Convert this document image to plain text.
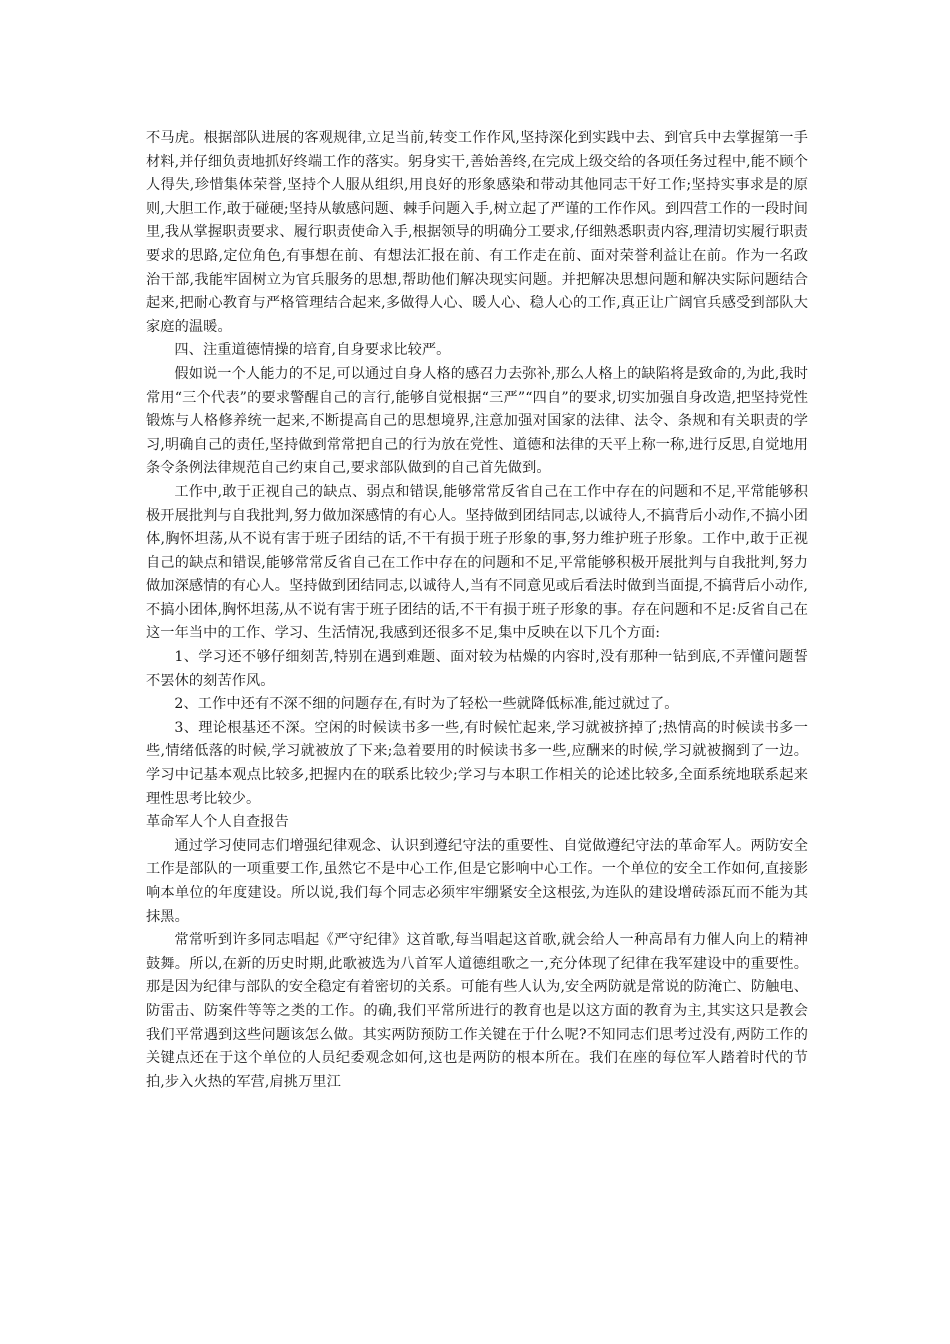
不马虎。根据部队进展的客观规律,立足当前,转变工作作风,坚持深化到实践中去、到官兵中去掌握第一手材料,并仔细负责地抓好终端工作的落实。躬身实干,善始善终,在完成上级交给的各项任务过程中,能不顾个人得失,珍惜集体荣誉,坚持个人服从组织,用良好的形象感染和带动其他同志干好工作;坚持实事求是的原则,大胆工作,敢于碰硬;坚持从敏感问题、棘手问题入手,树立起了严谨的工作作风。到四营工作的一段时间里,我从掌握职责要求、履行职责使命入手,根据领导的明确分工要求,仔细熟悉职责内容,理清切实履行职责要求的思路,定位角色,有事想在前、有想法汇报在前、有工作走在前、面对荣誉利益让在前。作为一名政治干部,我能牢固树立为官兵服务的思想,帮助他们解决现实问题。并把解决思想问题和解决实际问题结合起来,把耐心教育与严格管理结合起来,多做得人心、暖人心、稳人心的工作,真正让广阔官兵感受到部队大家庭的温暖。

四、注重道德情操的培育,自身要求比较严。

假如说一个人能力的不足,可以通过自身人格的感召力去弥补,那么人格上的缺陷将是致命的,为此,我时常用“三个代表”的要求警醒自己的言行,能够自觉根据“三严”“四自”的要求,切实加强自身改造,把坚持党性锻炼与人格修养统一起来,不断提高自己的思想境界,注意加强对国家的法律、法令、条规和有关职责的学习,明确自己的责任,坚持做到常常把自己的行为放在党性、道德和法律的天平上称一称,进行反思,自觉地用条令条例法律规范自己约束自己,要求部队做到的自己首先做到。

工作中,敢于正视自己的缺点、弱点和错误,能够常常反省自己在工作中存在的问题和不足,平常能够积极开展批判与自我批判,努力做加深感情的有心人。坚持做到团结同志,以诚待人,不搞背后小动作,不搞小团体,胸怀坦荡,从不说有害于班子团结的话,不干有损于班子形象的事,努力维护班子形象。工作中,敢于正视自己的缺点和错误,能够常常反省自己在工作中存在的问题和不足,平常能够积极开展批判与自我批判,努力做加深感情的有心人。坚持做到团结同志,以诚待人,当有不同意见或后看法时做到当面提,不搞背后小动作,不搞小团体,胸怀坦荡,从不说有害于班子团结的话,不干有损于班子形象的事。存在问题和不足:反省自己在这一年当中的工作、学习、生活情况,我感到还很多不足,集中反映在以下几个方面:

1、学习还不够仔细刻苦,特别在遇到难题、面对较为枯燥的内容时,没有那种一钻到底,不弄懂问题誓不罢休的刻苦作风。

2、工作中还有不深不细的问题存在,有时为了轻松一些就降低标准,能过就过了。

3、理论根基还不深。空闲的时候读书多一些,有时候忙起来,学习就被挤掉了;热情高的时候读书多一些,情绪低落的时候,学习就被放了下来;急着要用的时候读书多一些,应酬来的时候,学习就被搁到了一边。学习中记基本观点比较多,把握内在的联系比较少;学习与本职工作相关的论述比较多,全面系统地联系起来理性思考比较少。

革命军人个人自查报告

通过学习使同志们增强纪律观念、认识到遵纪守法的重要性、自觉做遵纪守法的革命军人。两防安全工作是部队的一项重要工作,虽然它不是中心工作,但是它影响中心工作。一个单位的安全工作如何,直接影响本单位的年度建设。所以说,我们每个同志必须牢牢绷紧安全这根弦,为连队的建设增砖添瓦而不能为其抹黑。

常常听到许多同志唱起《严守纪律》这首歌,每当唱起这首歌,就会给人一种高昂有力催人向上的精神鼓舞。所以,在新的历史时期,此歌被选为八首军人道德组歌之一,充分体现了纪律在我军建设中的重要性。那是因为纪律与部队的安全稳定有着密切的关系。可能有些人认为,安全两防就是常说的防淹亡、防触电、防雷击、防案件等等之类的工作。的确,我们平常所进行的教育也是以这方面的教育为主,其实这只是教会我们平常遇到这些问题该怎么做。其实两防预防工作关键在于什么呢?不知同志们思考过没有,两防工作的关键点还在于这个单位的人员纪委观念如何,这也是两防的根本所在。我们在座的每位军人踏着时代的节拍,步入火热的军营,肩挑万里江
